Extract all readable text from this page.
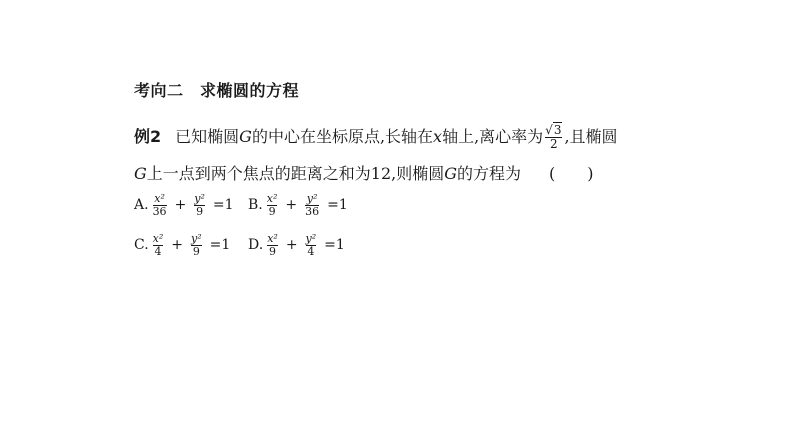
考向二　求椭圆的方程
例2 已知椭圆G的中心在坐标原点,长轴在x轴上,离心率为 $\frac{√3}{2}$ ,且椭圆
G上一点到两个焦点的距离之和为12,则椭圆G的方程为 (　　)
A. $\frac{\text{x²}}{36} + \frac{\text{y²}}{9} =1$ B. $\frac{\text{x²}}{9} + \frac{\text{y²}}{36} =1$
C. $\frac{\text{x²}}{4} + \frac{\text{y²}}{9} =1$ D. $\frac{\text{x²}}{9} + \frac{\text{y²}}{4} =1$
